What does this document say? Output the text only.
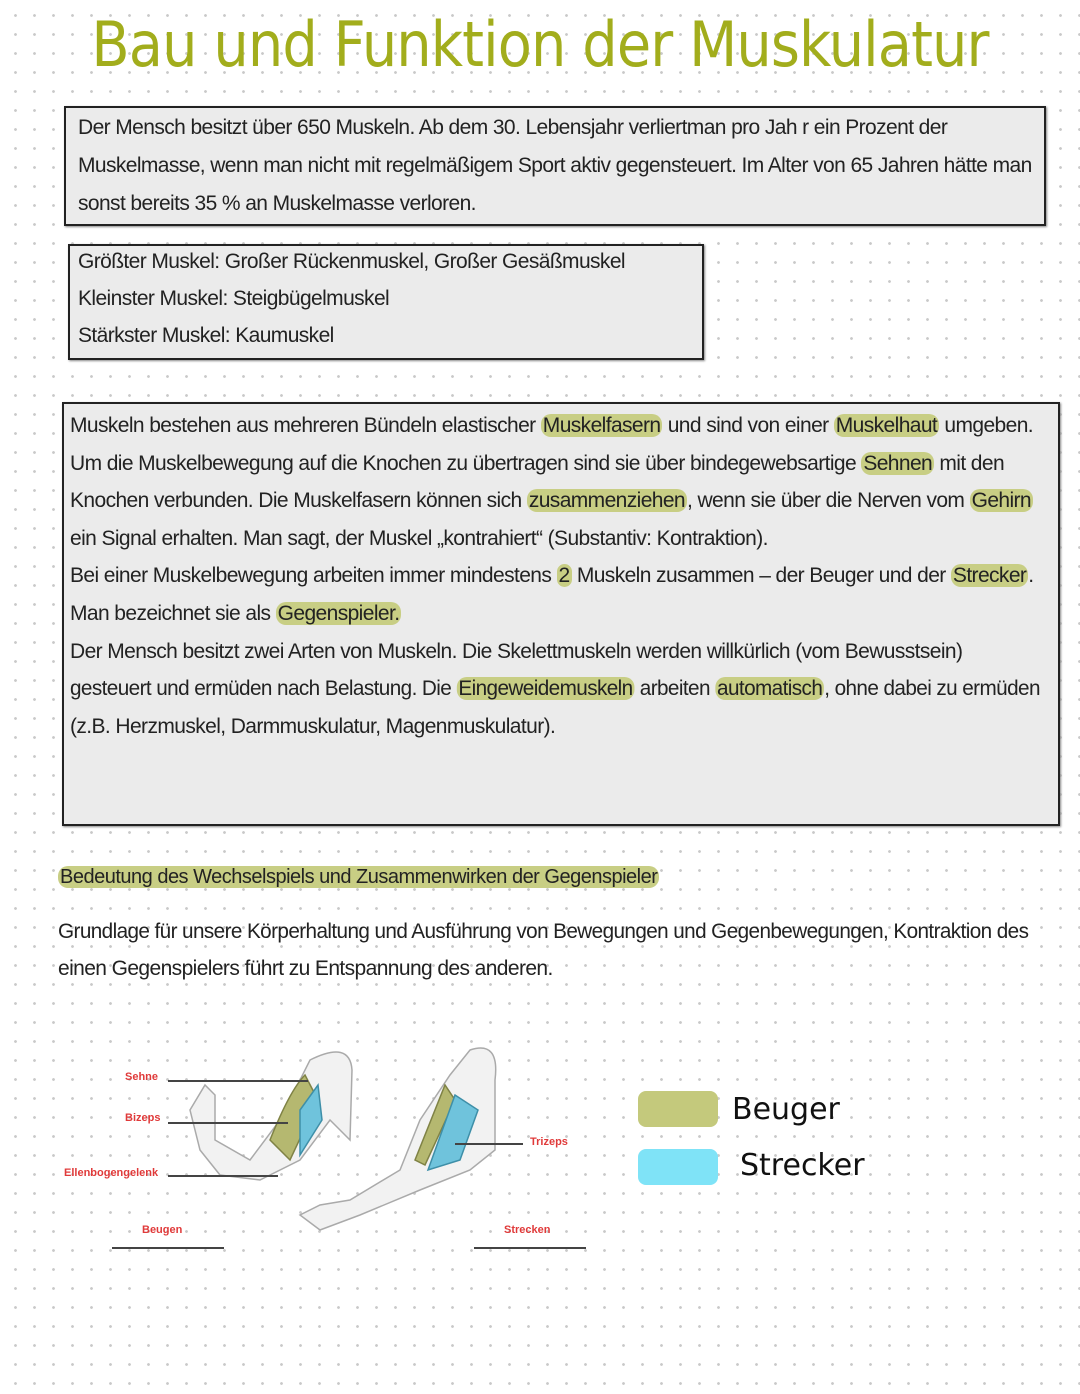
Bau und Funktion der Muskulatur
Der Mensch besitzt über 650 Muskeln. Ab dem 30. Lebensjahr verliertman pro Jah r ein Prozent der
Muskelmasse, wenn man nicht mit regelmäßigem Sport aktiv gegensteuert. Im Alter von 65 Jahren hätte man
sonst bereits 35 % an Muskelmasse verloren.
Größter Muskel: Großer Rückenmuskel, Großer Gesäßmuskel
Kleinster Muskel: Steigbügelmuskel
Stärkster Muskel: Kaumuskel
Muskeln bestehen aus mehreren Bündeln elastischer Muskelfasern und sind von einer Muskelhaut umgeben.
Um die Muskelbewegung auf die Knochen zu übertragen sind sie über bindegewebsartige Sehnen mit den
Knochen verbunden. Die Muskelfasern können sich zusammenziehen, wenn sie über die Nerven vom Gehirn
ein Signal erhalten. Man sagt, der Muskel „kontrahiert“ (Substantiv: Kontraktion).
Bei einer Muskelbewegung arbeiten immer mindestens 2 Muskeln zusammen – der Beuger und der Strecker.
Man bezeichnet sie als Gegenspieler.
Der Mensch besitzt zwei Arten von Muskeln. Die Skelettmuskeln werden willkürlich (vom Bewusstsein)
gesteuert und ermüden nach Belastung. Die Eingeweidemuskeln arbeiten automatisch, ohne dabei zu ermüden
(z.B. Herzmuskel, Darmmuskulatur, Magenmuskulatur).
Bedeutung des Wechselspiels und Zusammenwirken der Gegenspieler
Grundlage für unsere Körperhaltung und Ausführung von Bewegungen und Gegenbewegungen, Kontraktion des
einen Gegenspielers führt zu Entspannung des anderen.
Sehne
Bizeps
Ellenbogengelenk
Trizeps
Beugen	Strecken
Beuger
Strecker
